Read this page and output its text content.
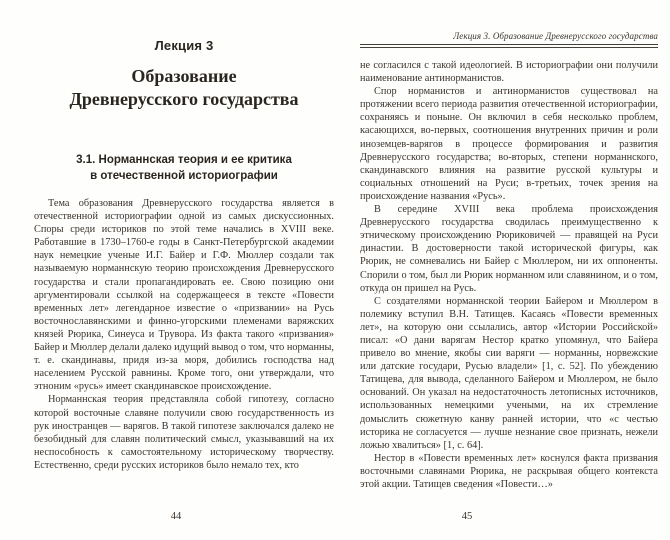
Лекция 3
Образование
Древнерусского государства
3.1. Норманнская теория и ее критика
в отечественной историографии

Тема образования Древнерусского государства является в отечественной историографии одной из самых дискуссионных. Споры среди историков по этой теме начались в XVIII веке. Работавшие в 1730–1760-е годы в Санкт-Петербургской академии наук немецкие ученые И.Г. Байер и Г.Ф. Мюллер создали так называемую норманнскую теорию происхождения Древнерусского государства и стали пропагандировать ее. Свою позицию они аргументировали ссылкой на содержащееся в тексте «Повести временных лет» легендарное известие о «призвании» на Русь восточнославянскими и финно-угорскими племенами варяжских князей Рюрика, Синеуса и Трувора. Из факта такого «призвания» Байер и Мюллер делали далеко идущий вывод о том, что норманны, т. е. скандинавы, придя из-за моря, добились господства над населением Русской равнины. Кроме того, они утверждали, что этноним «русь» имеет скандинавское происхождение.

Норманнская теория представляла собой гипотезу, согласно которой восточные славяне получили свою государственность из рук иностранцев — варягов. В такой гипотезе заключался далеко не безобидный для славян политический смысл, указывавший на их неспособность к самостоятельному историческому творчеству. Естественно, среди русских историков было немало тех, кто

44
Лекция 3. Образование Древнерусского государства

не согласился с такой идеологией. В историографии они получили наименование антинорманистов.

Спор норманистов и антинорманистов существовал на протяжении всего периода развития отечественной историографии, сохраняясь и поныне. Он включил в себя несколько проблем, касающихся, во-первых, соотношения внутренних причин и роли иноземцев-варягов в процессе формирования и развития Древнерусского государства; во-вторых, степени норманнского, скандинавского влияния на развитие русской культуры и социальных отношений на Руси; в-третьих, точек зрения на происхождение названия «Русь».

В середине XVIII века проблема происхождения Древнерусского государства сводилась преимущественно к этническому происхождению Рюриковичей — правящей на Руси династии. В достоверности такой исторической фигуры, как Рюрик, не сомневались ни Байер с Мюллером, ни их оппоненты. Спорили о том, был ли Рюрик норманном или славянином, и о том, откуда он пришел на Русь.

С создателями норманнской теории Байером и Мюллером в полемику вступил В.Н. Татищев. Касаясь «Повести временных лет», на которую они ссылались, автор «Истории Российской» писал: «О дани варягам Нестор кратко упомянул, что Байера привело во мнение, якобы сии варяги — норманны, норвежские или датские государи, Русью владели» [1, с. 52]. По убеждению Татищева, для вывода, сделанного Байером и Мюллером, не было оснований. Он указал на недостаточность летописных источников, использованных немецкими учеными, на их стремление домыслить сюжетную канву ранней истории, что «с честью историка не согласуется — лучше незнание свое признать, нежели ложью хвалиться» [1, с. 64].

Нестор в «Повести временных лет» коснулся факта призвания восточными славянами Рюрика, не раскрывая общего контекста этой акции. Татищев сведения «Повести…»

45
